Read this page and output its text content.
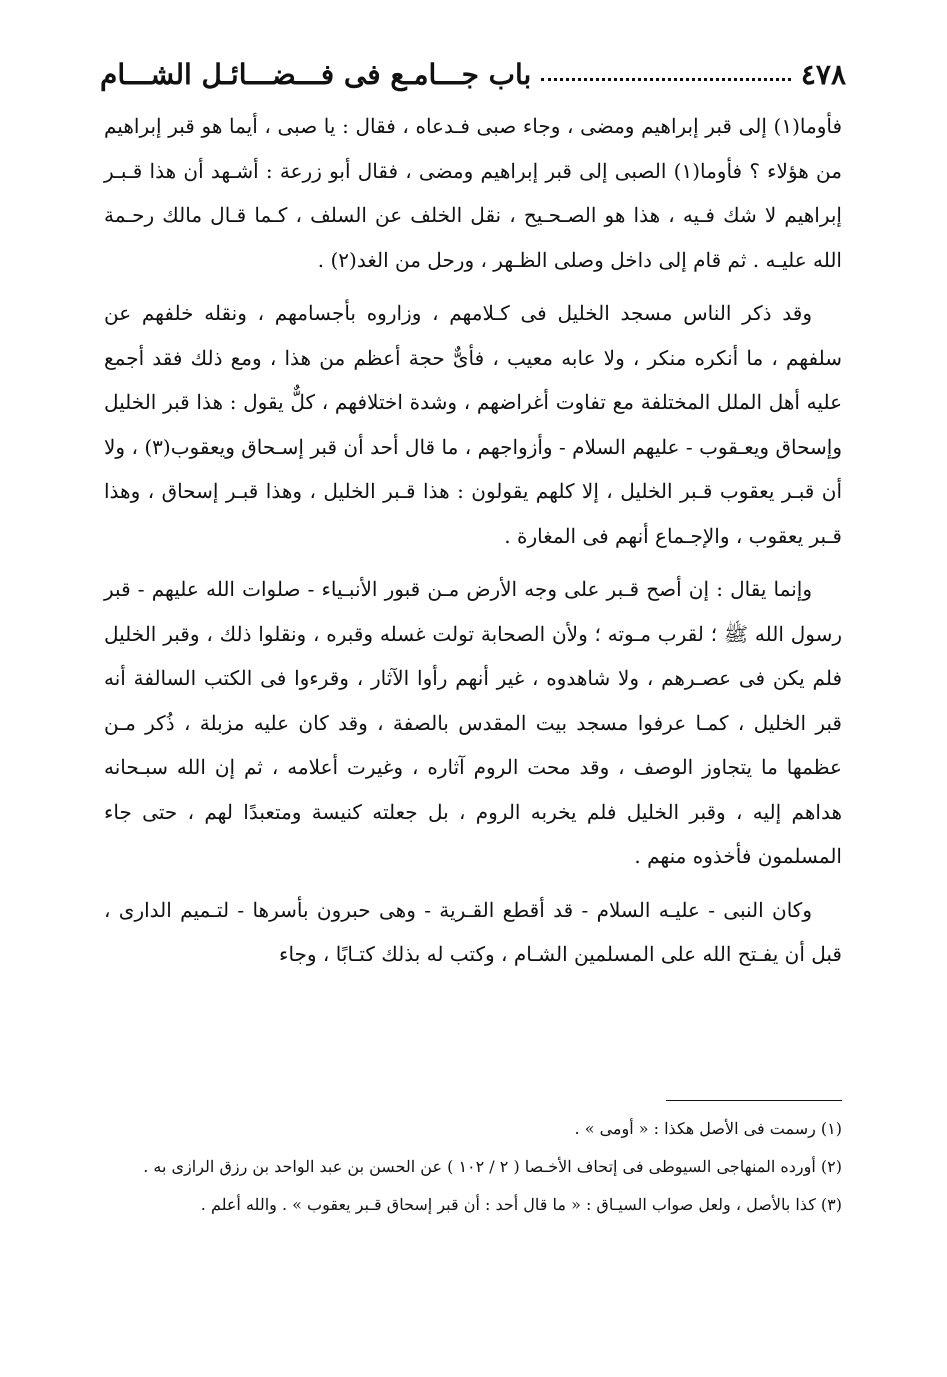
٤٧٨
باب جـــامـع فى فـــضـــائـل الشـــام

فأوما(١) إلى قبر إبراهيم ومضى ، وجاء صبى فـدعاه ، فقال : يا صبى ، أيما هو قبر إبراهيم من هؤلاء ؟ فأوما(١) الصبى إلى قبر إبراهيم ومضى ، فقال أبو زرعة : أشـهد أن هذا قـبـر إبراهيم لا شك فـيه ، هذا هو الصـحـيح ، نقل الخلف عن السلف ، كـما قـال مالك رحـمة الله عليـه . ثم قام إلى داخل وصلى الظـهر ، ورحل من الغد(٢) .

وقد ذكر الناس مسجد الخليل فى كـلامهم ، وزاروه بأجسامهم ، ونقله خلفهم عن سلفهم ، ما أنكره منكر ، ولا عابه معيب ، فأىٌّ حجة أعظم من هذا ، ومع ذلك فقد أجمع عليه أهل الملل المختلفة مع تفاوت أغراضهم ، وشدة اختلافهم ، كلٌّ يقول : هذا قبر الخليل وإسحاق ويعـقوب - عليهم السلام - وأزواجهم ، ما قال أحد أن قبر إسـحاق ويعقوب(٣) ، ولا أن قبـر يعقوب قـبر الخليل ، إلا كلهم يقولون : هذا قـبر الخليل ، وهذا قبـر إسحاق ، وهذا قـبر يعقوب ، والإجـماع أنهم فى المغارة .

وإنما يقال : إن أصح قـبر على وجه الأرض مـن قبور الأنبـياء - صلوات الله عليهم - قبر رسول الله ﷺ ؛ لقرب مـوته ؛ ولأن الصحابة تولت غسله وقبره ، ونقلوا ذلك ، وقبر الخليل فلم يكن فى عصـرهم ، ولا شاهدوه ، غير أنهم رأوا الآثار ، وقرءوا فى الكتب السالفة أنه قبر الخليل ، كمـا عرفوا مسجد بيت المقدس بالصفة ، وقد كان عليه مزبلة ، ذُكر مـن عظمها ما يتجاوز الوصف ، وقد محت الروم آثاره ، وغيرت أعلامه ، ثم إن الله سبـحانه هداهم إليه ، وقبر الخليل فلم يخربه الروم ، بل جعلته كنيسة ومتعبدًا لهم ، حتى جاء المسلمون فأخذوه منهم .

وكان النبى - عليـه السلام - قد أقطع القـرية - وهى حبرون بأسرها - لتـميم الدارى ، قبل أن يفـتح الله على المسلمين الشـام ، وكتب له بذلك كتـابًا ، وجاء

(١) رسمت فى الأصل هكذا : « أومى » .

(٢) أورده المنهاجى السيوطى فى إتحاف الأخـصا ( ٢ / ١٠٢ ) عن الحسن بن عبد الواحد بن رزق الرازى به .

(٣) كذا بالأصل ، ولعل صواب السيـاق : « ما قال أحد : أن قبر إسحاق قـبر يعقوب » . والله أعلم .
